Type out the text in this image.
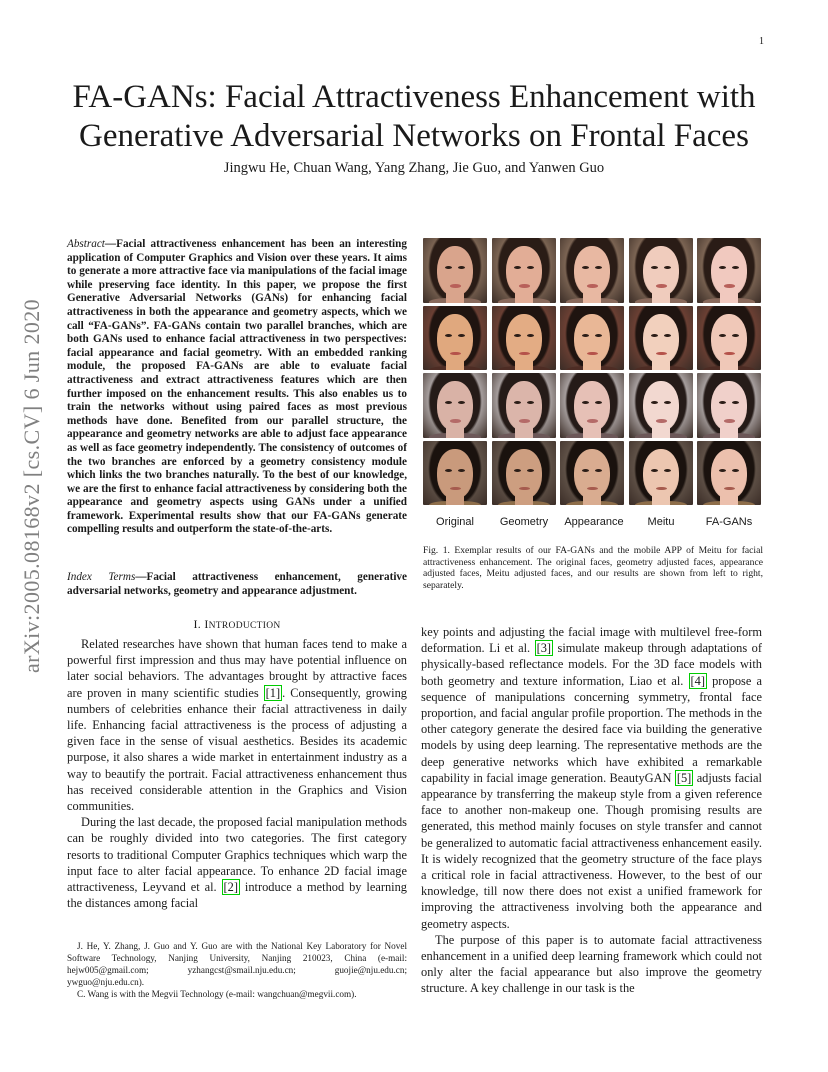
1
arXiv:2005.08168v2 [cs.CV] 6 Jun 2020
FA-GANs: Facial Attractiveness Enhancement with
Generative Adversarial Networks on Frontal Faces
Jingwu He, Chuan Wang, Yang Zhang, Jie Guo, and Yanwen Guo
Abstract—Facial attractiveness enhancement has been an interesting application of Computer Graphics and Vision over these years. It aims to generate a more attractive face via manipulations of the facial image while preserving face identity. In this paper, we propose the first Generative Adversarial Networks (GANs) for enhancing facial attractiveness in both the appearance and geometry aspects, which we call “FA-GANs”. FA-GANs contain two parallel branches, which are both GANs used to enhance facial attractiveness in two perspectives: facial appearance and facial geometry. With an embedded ranking module, the proposed FA-GANs are able to evaluate facial attractiveness and extract attractiveness features which are then further imposed on the enhancement results. This also enables us to train the networks without using paired faces as most previous methods have done. Benefited from our parallel structure, the appearance and geometry networks are able to adjust face appearance as well as face geometry independently. The consistency of outcomes of the two branches are enforced by a geometry consistency module which links the two branches naturally. To the best of our knowledge, we are the first to enhance facial attractiveness by considering both the appearance and geometry aspects using GANs under a unified framework. Experimental results show that our FA-GANs generate compelling results and outperform the state-of-the-arts.
Index Terms—Facial attractiveness enhancement, generative adversarial networks, geometry and appearance adjustment.
I. INTRODUCTION

Related researches have shown that human faces tend to make a powerful first impression and thus may have potential influence on later social behaviors. The advantages brought by attractive faces are proven in many scientific studies [1] . Consequently, growing numbers of celebrities enhance their facial attractiveness in daily life. Enhancing facial attractiveness is the process of adjusting a given face in the sense of visual aesthetics. Besides its academic purpose, it also shares a wide market in entertainment industry as a way to beautify the portrait. Facial attractiveness enhancement thus has received considerable attention in the Graphics and Vision communities.

During the last decade, the proposed facial manipulation methods can be roughly divided into two categories. The first category resorts to traditional Computer Graphics techniques which warp the input face to alter facial appearance. To enhance 2D facial image attractiveness, Leyvand et al. [2] introduce a method by learning the distances among facial

J. He, Y. Zhang, J. Guo and Y. Guo are with the National Key Laboratory for Novel Software Technology, Nanjing University, Nanjing 210023, China (e-mail: hejw005@gmail.com; yzhangcst@smail.nju.edu.cn; guojie@nju.edu.cn; ywguo@nju.edu.cn).

C. Wang is with the Megvii Technology (e-mail: wangchuan@megvii.com).

key points and adjusting the facial image with multilevel free-form deformation. Li et al. [3] simulate makeup through adaptations of physically-based reflectance models. For the 3D face models with both geometry and texture information, Liao et al. [4] propose a sequence of manipulations concerning symmetry, frontal face proportion, and facial angular profile proportion. The methods in the other category generate the desired face via building the generative models by using deep learning. The representative methods are the deep generative networks which have exhibited a remarkable capability in facial image generation. BeautyGAN [5] adjusts facial appearance by transferring the makeup style from a given reference face to another non-makeup one. Though promising results are generated, this method mainly focuses on style transfer and cannot be generalized to automatic facial attractiveness enhancement easily. It is widely recognized that the geometry structure of the face plays a critical role in facial attractiveness. However, to the best of our knowledge, till now there does not exist a unified framework for improving the attractiveness involving both the appearance and geometry aspects.

The purpose of this paper is to automate facial attractiveness enhancement in a unified deep learning framework which could not only alter the facial appearance but also improve the geometry structure. A key challenge in our task is the

Original Geometry Appearance Meitu	FA-GANs
Fig. 1. Exemplar results of our FA-GANs and the mobile APP of Meitu for facial attractiveness enhancement. The original faces, geometry adjusted faces, appearance adjusted faces, Meitu adjusted faces, and our results are shown from left to right, separately.
